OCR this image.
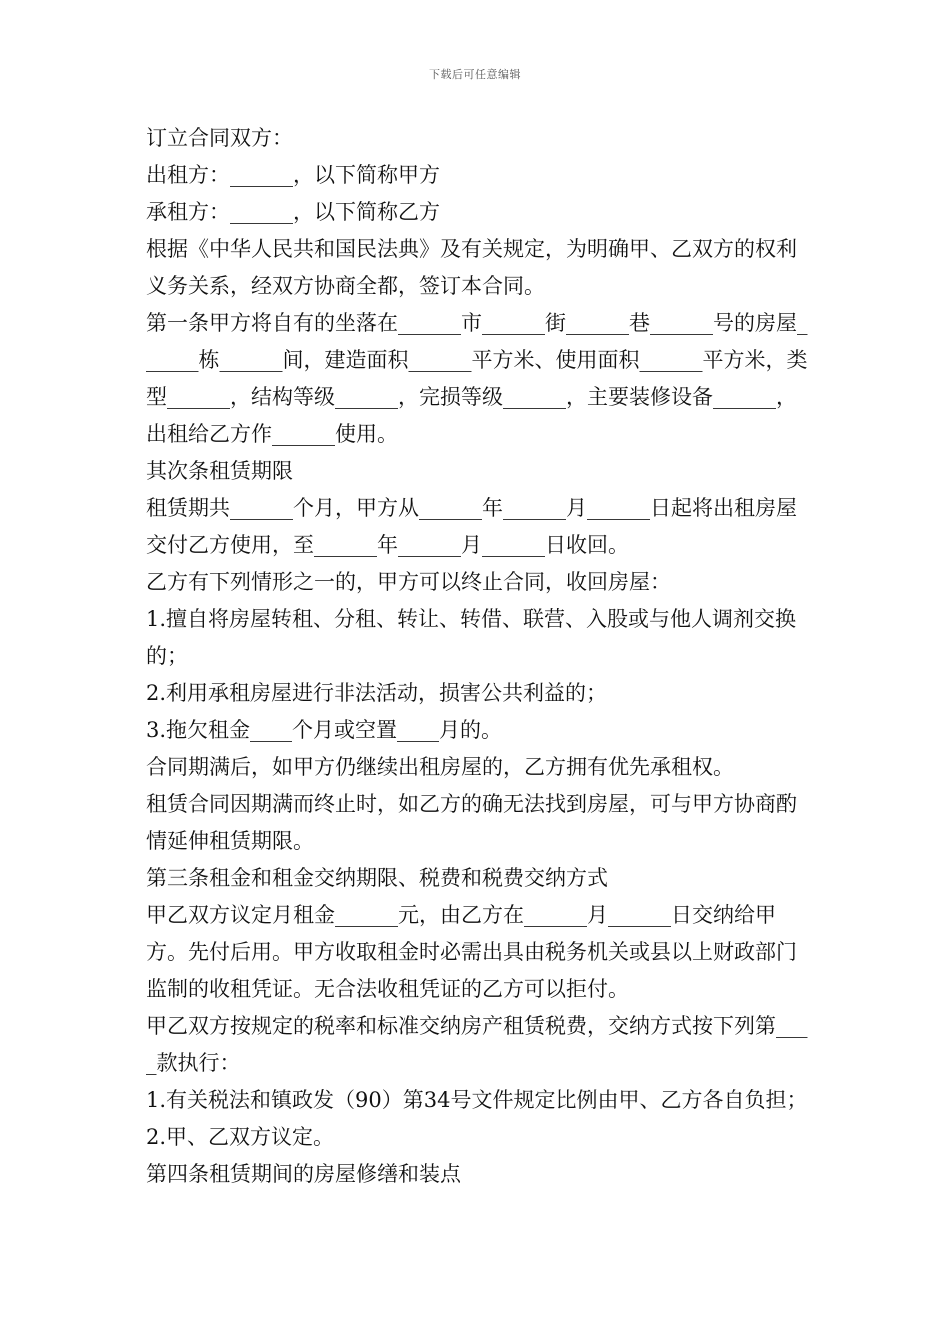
下载后可任意编辑

订立合同双方：

出租方：______，以下简称甲方

承租方：______，以下简称乙方

根据《中华人民共和国民法典》及有关规定，为明确甲、乙双方的权利义务关系，经双方协商全都，签订本合同。

第一条甲方将自有的坐落在______市______街______巷______号的房屋______栋______间，建造面积______平方米、使用面积______平方米，类型______，结构等级______，完损等级______，主要装修设备______，出租给乙方作______使用。

其次条租赁期限

租赁期共______个月，甲方从______年______月______日起将出租房屋交付乙方使用，至______年______月______日收回。

乙方有下列情形之一的，甲方可以终止合同，收回房屋：

1.擅自将房屋转租、分租、转让、转借、联营、入股或与他人调剂交换的；

2.利用承租房屋进行非法活动，损害公共利益的；

3.拖欠租金____个月或空置____月的。

合同期满后，如甲方仍继续出租房屋的，乙方拥有优先承租权。

租赁合同因期满而终止时，如乙方的确无法找到房屋，可与甲方协商酌情延伸租赁期限。

第三条租金和租金交纳期限、税费和税费交纳方式

甲乙双方议定月租金______元，由乙方在______月______日交纳给甲方。先付后用。甲方收取租金时必需出具由税务机关或县以上财政部门监制的收租凭证。无合法收租凭证的乙方可以拒付。

甲乙双方按规定的税率和标准交纳房产租赁税费，交纳方式按下列第____款执行：

1.有关税法和镇政发（90）第34号文件规定比例由甲、乙方各自负担；

2.甲、乙双方议定。

第四条租赁期间的房屋修缮和装点
